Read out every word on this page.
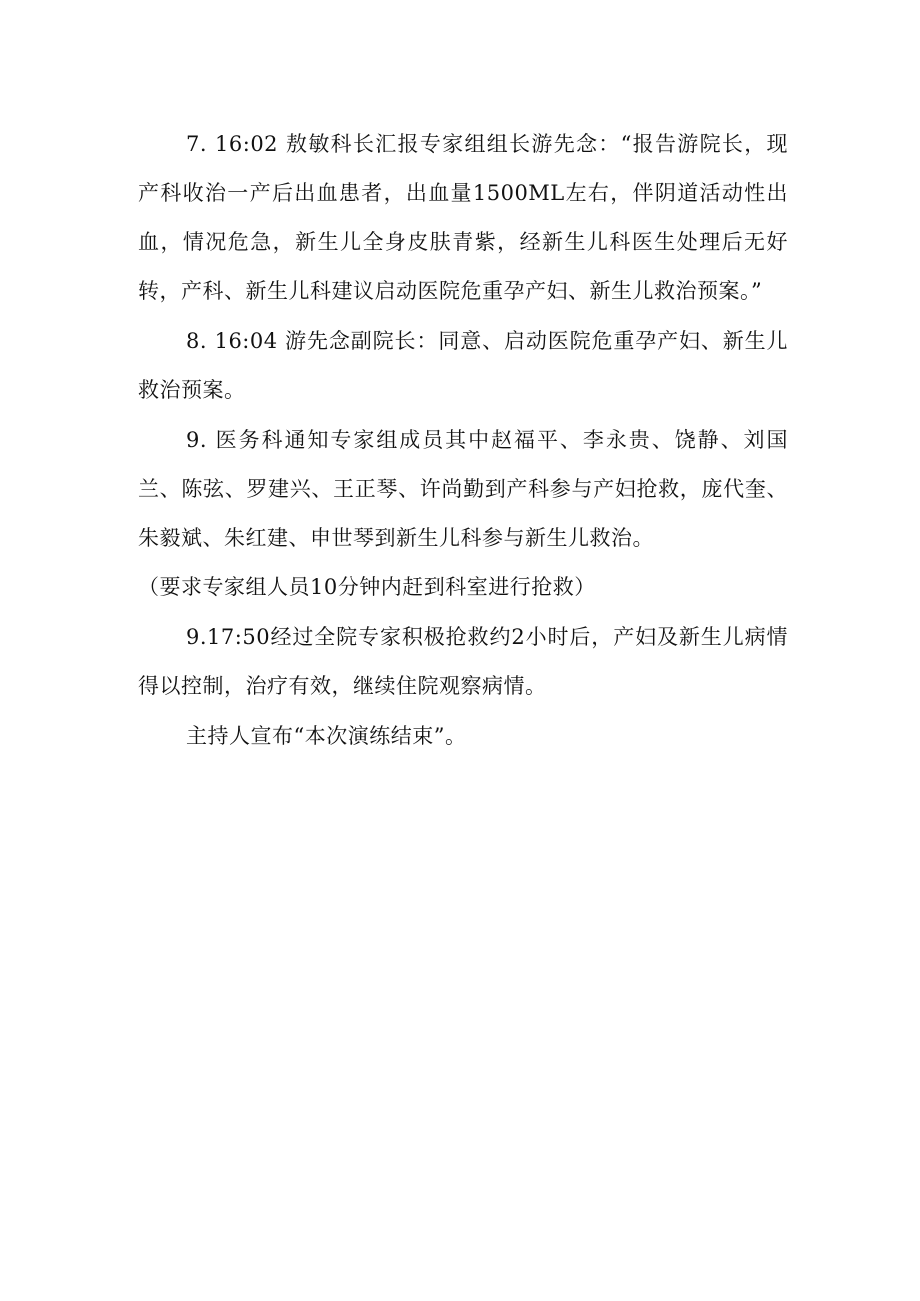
7. 16:02 敖敏科长汇报专家组组长游先念：“报告游院长，现产科收治一产后出血患者，出血量1500ML左右，伴阴道活动性出血，情况危急，新生儿全身皮肤青紫，经新生儿科医生处理后无好转，产科、新生儿科建议启动医院危重孕产妇、新生儿救治预案。”

8. 16:04 游先念副院长：同意、启动医院危重孕产妇、新生儿救治预案。

9. 医务科通知专家组成员其中赵福平、李永贵、饶静、刘国兰、陈弦、罗建兴、王正琴、许尚勤到产科参与产妇抢救，庞代奎、朱毅斌、朱红建、申世琴到新生儿科参与新生儿救治。

（要求专家组人员10分钟内赶到科室进行抢救）

9.17:50经过全院专家积极抢救约2小时后，产妇及新生儿病情得以控制，治疗有效，继续住院观察病情。

主持人宣布“本次演练结束”。
